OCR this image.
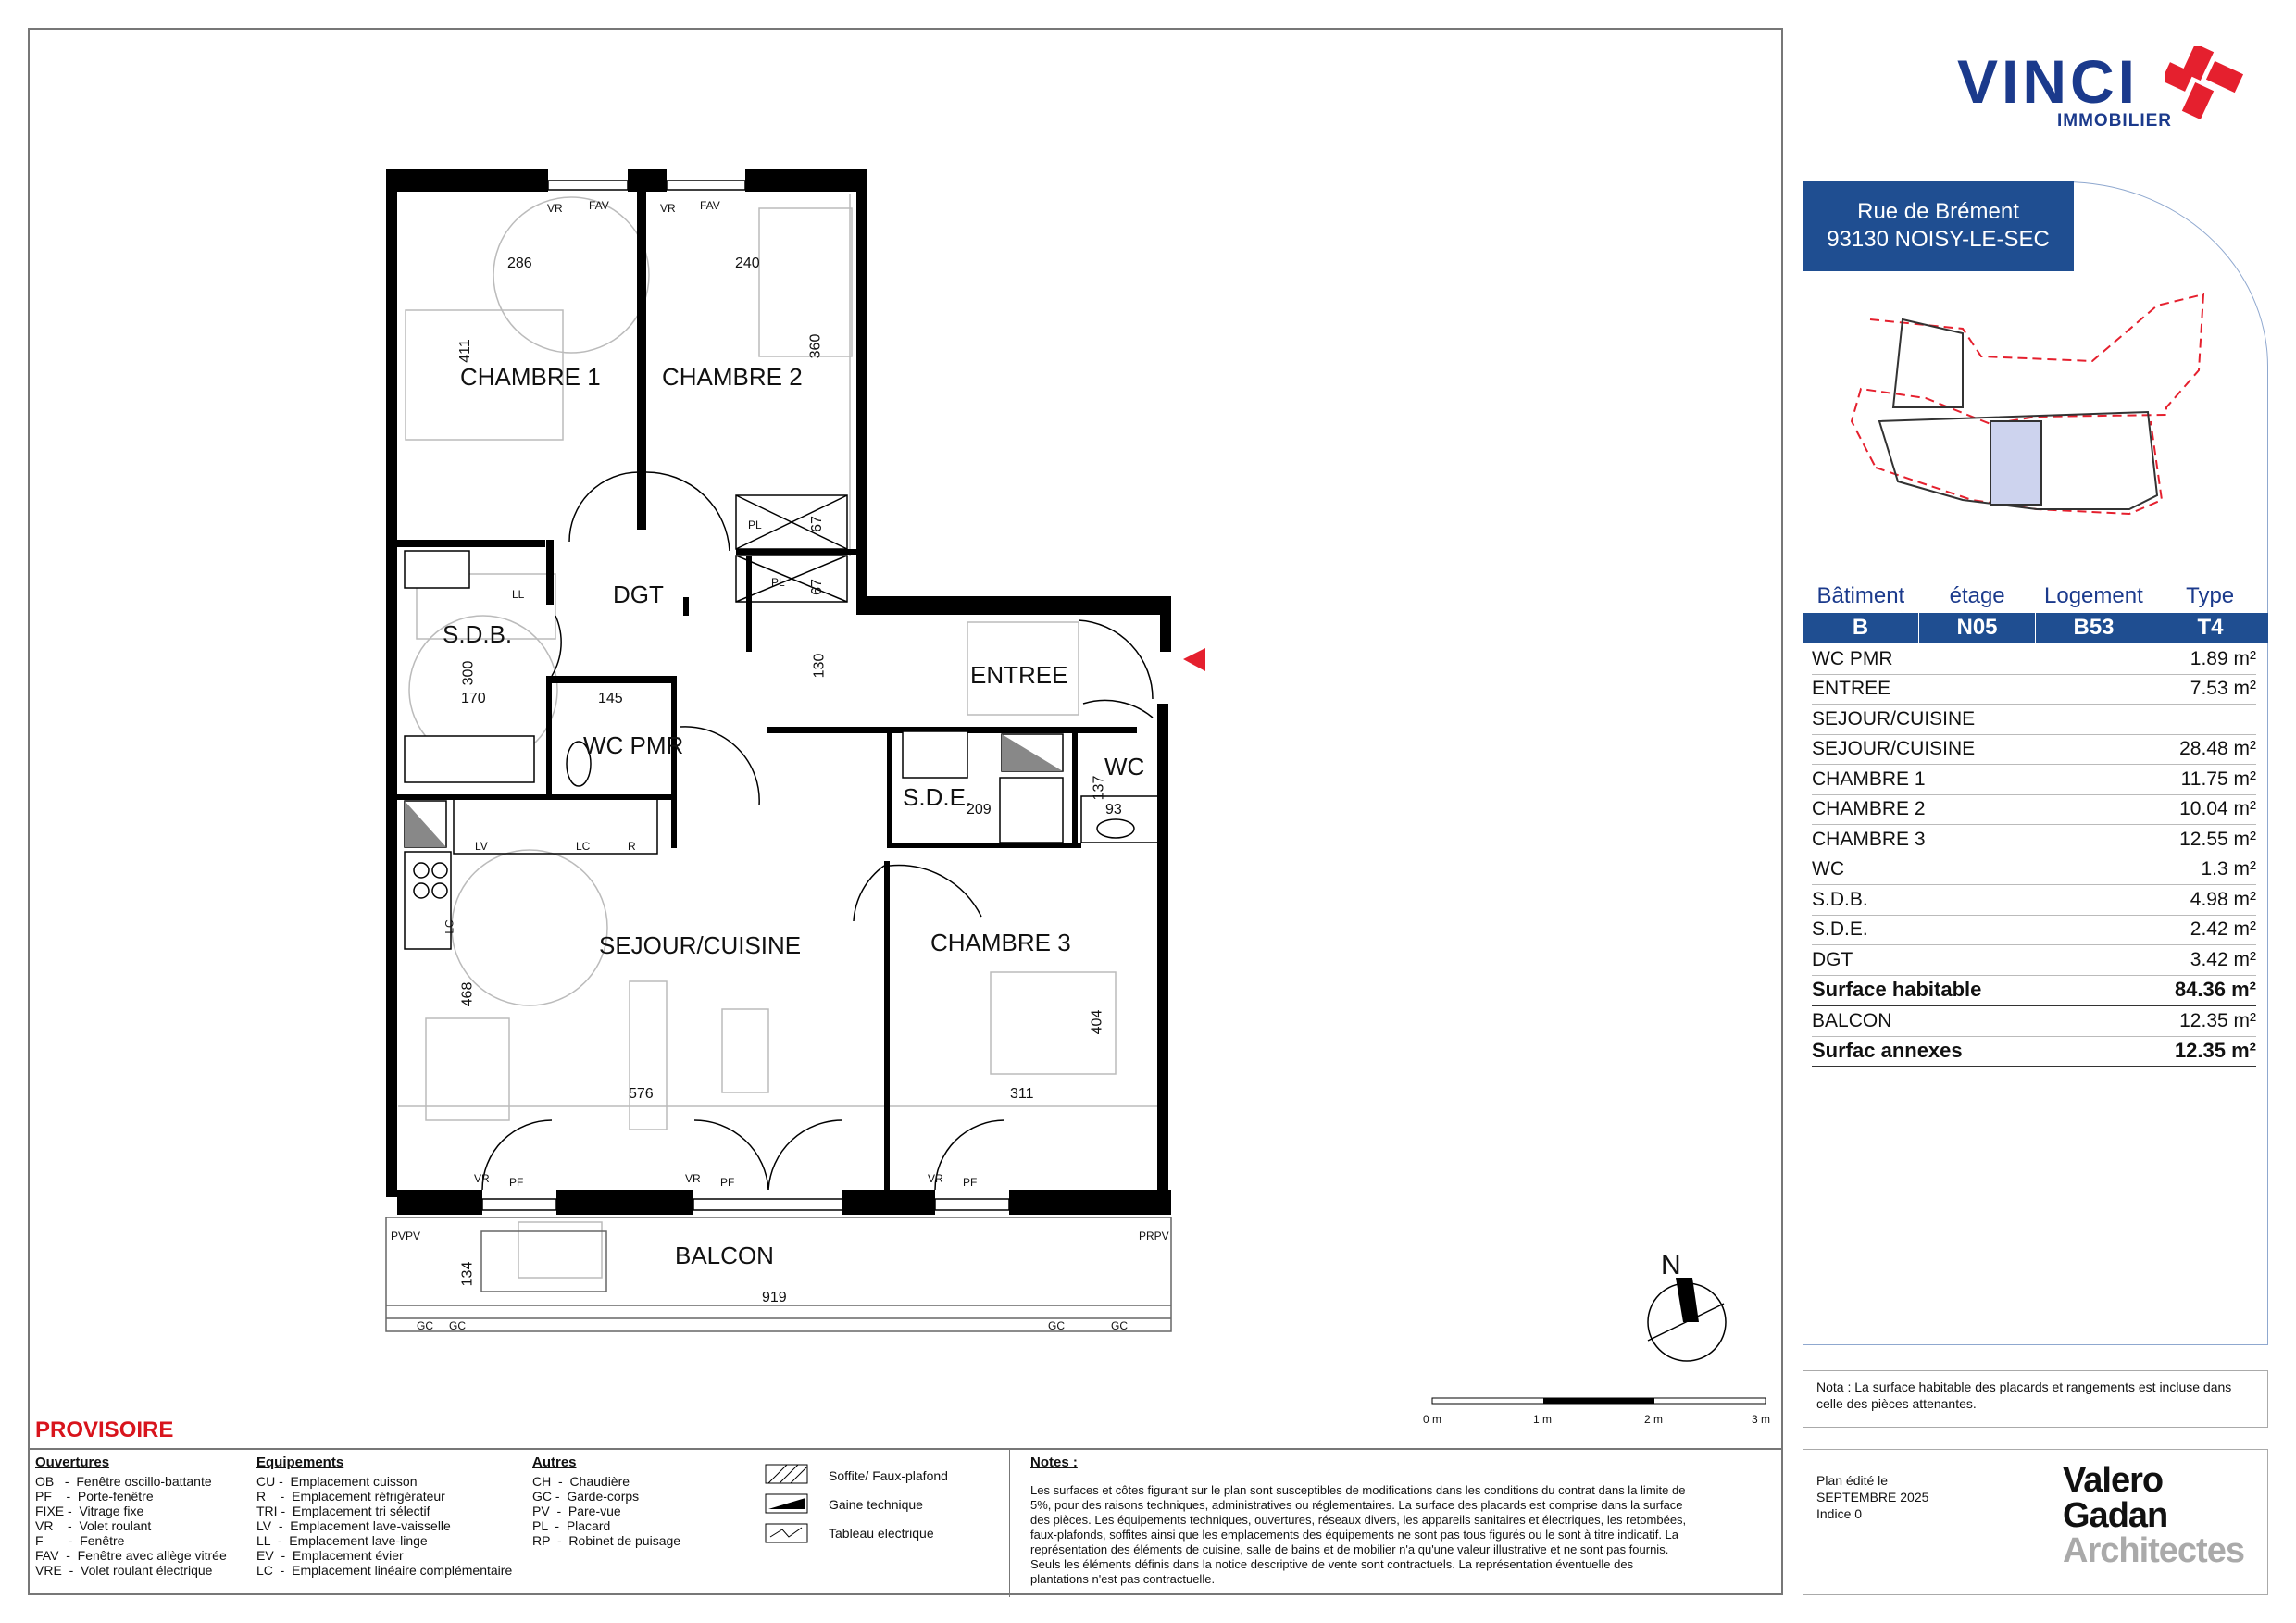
CHAMBRE 1	CHAMBRE 2
DGT
S.D.B.
ENTREE
WC PMR
WC
S.D.E.
SEJOUR/CUISINE	CHAMBRE 3
BALCON
286	240
411	360
67
67
300
170	145
130
137
93
209
468
404
576	311
134
919
VR FAV	VR FAV
PL
PL
LL
LV	LC	R
LC
VR PF	VR PF	VR PF
PVPV	PRPV
GC GC	GC	GC
N
0 m	1 m	2 m	3 m
PROVISOIRE
Ouvertures
OB   -  Fenêtre oscillo-battante
PF    -  Porte-fenêtre
FIXE -  Vitrage fixe
VR    -  Volet roulant
F       -  Fenêtre
FAV  -  Fenêtre avec allège vitrée
VRE  -  Volet roulant électrique
Equipements
CU -  Emplacement cuisson
R    -  Emplacement réfrigérateur
TRI -  Emplacement tri sélectif
LV  -  Emplacement lave-vaisselle
LL  -  Emplacement lave-linge
EV  -  Emplacement évier
LC  -  Emplacement linéaire complémentaire
Autres
CH  -  Chaudière
GC -  Garde-corps
PV  -  Pare-vue
PL  -  Placard
RP  -  Robinet de puisage
Soffite/ Faux-plafond
Gaine technique
Tableau electrique
Notes :
Les surfaces et côtes figurant sur le plan sont susceptibles de modifications dans les conditions du contrat dans la limite de 5%, pour des raisons techniques, administratives ou réglementaires. La surface des placards est comprise dans la surface des pièces. Les équipements techniques, ouvertures, réseaux divers, les appareils sanitaires et électriques, les retombées, faux-plafonds, soffites ainsi que les emplacements des équipements ne sont pas tous figurés ou le sont à titre indicatif. La représentation des éléments de cuisine, salle de bains et de mobilier n'a qu'une valeur illustrative et ne sont pas fournis. Seuls les éléments définis dans la notice descriptive de vente sont contractuels. La représentation éventuelle des plantations n'est pas contractuelle.
VINCI
IMMOBILIER
Rue de Brément
93130 NOISY-LE-SEC
Bâtiment	étage	Logement	Type
B	N05	B53	T4
WC PMR	1.89 m²
ENTREE	7.53 m²
SEJOUR/CUISINE
SEJOUR/CUISINE	28.48 m²
CHAMBRE 1	11.75 m²
CHAMBRE 2	10.04 m²
CHAMBRE 3	12.55 m²
WC	1.3 m²
S.D.B.	4.98 m²
S.D.E.	2.42 m²
DGT	3.42 m²
Surface habitable	84.36 m²
BALCON	12.35 m²
Surfac annexes	12.35 m²
Nota : La surface habitable des placards et rangements est incluse dans celle des pièces attenantes.
Plan édité le
SEPTEMBRE 2025
Indice 0
Valero
Gadan
Architectes
